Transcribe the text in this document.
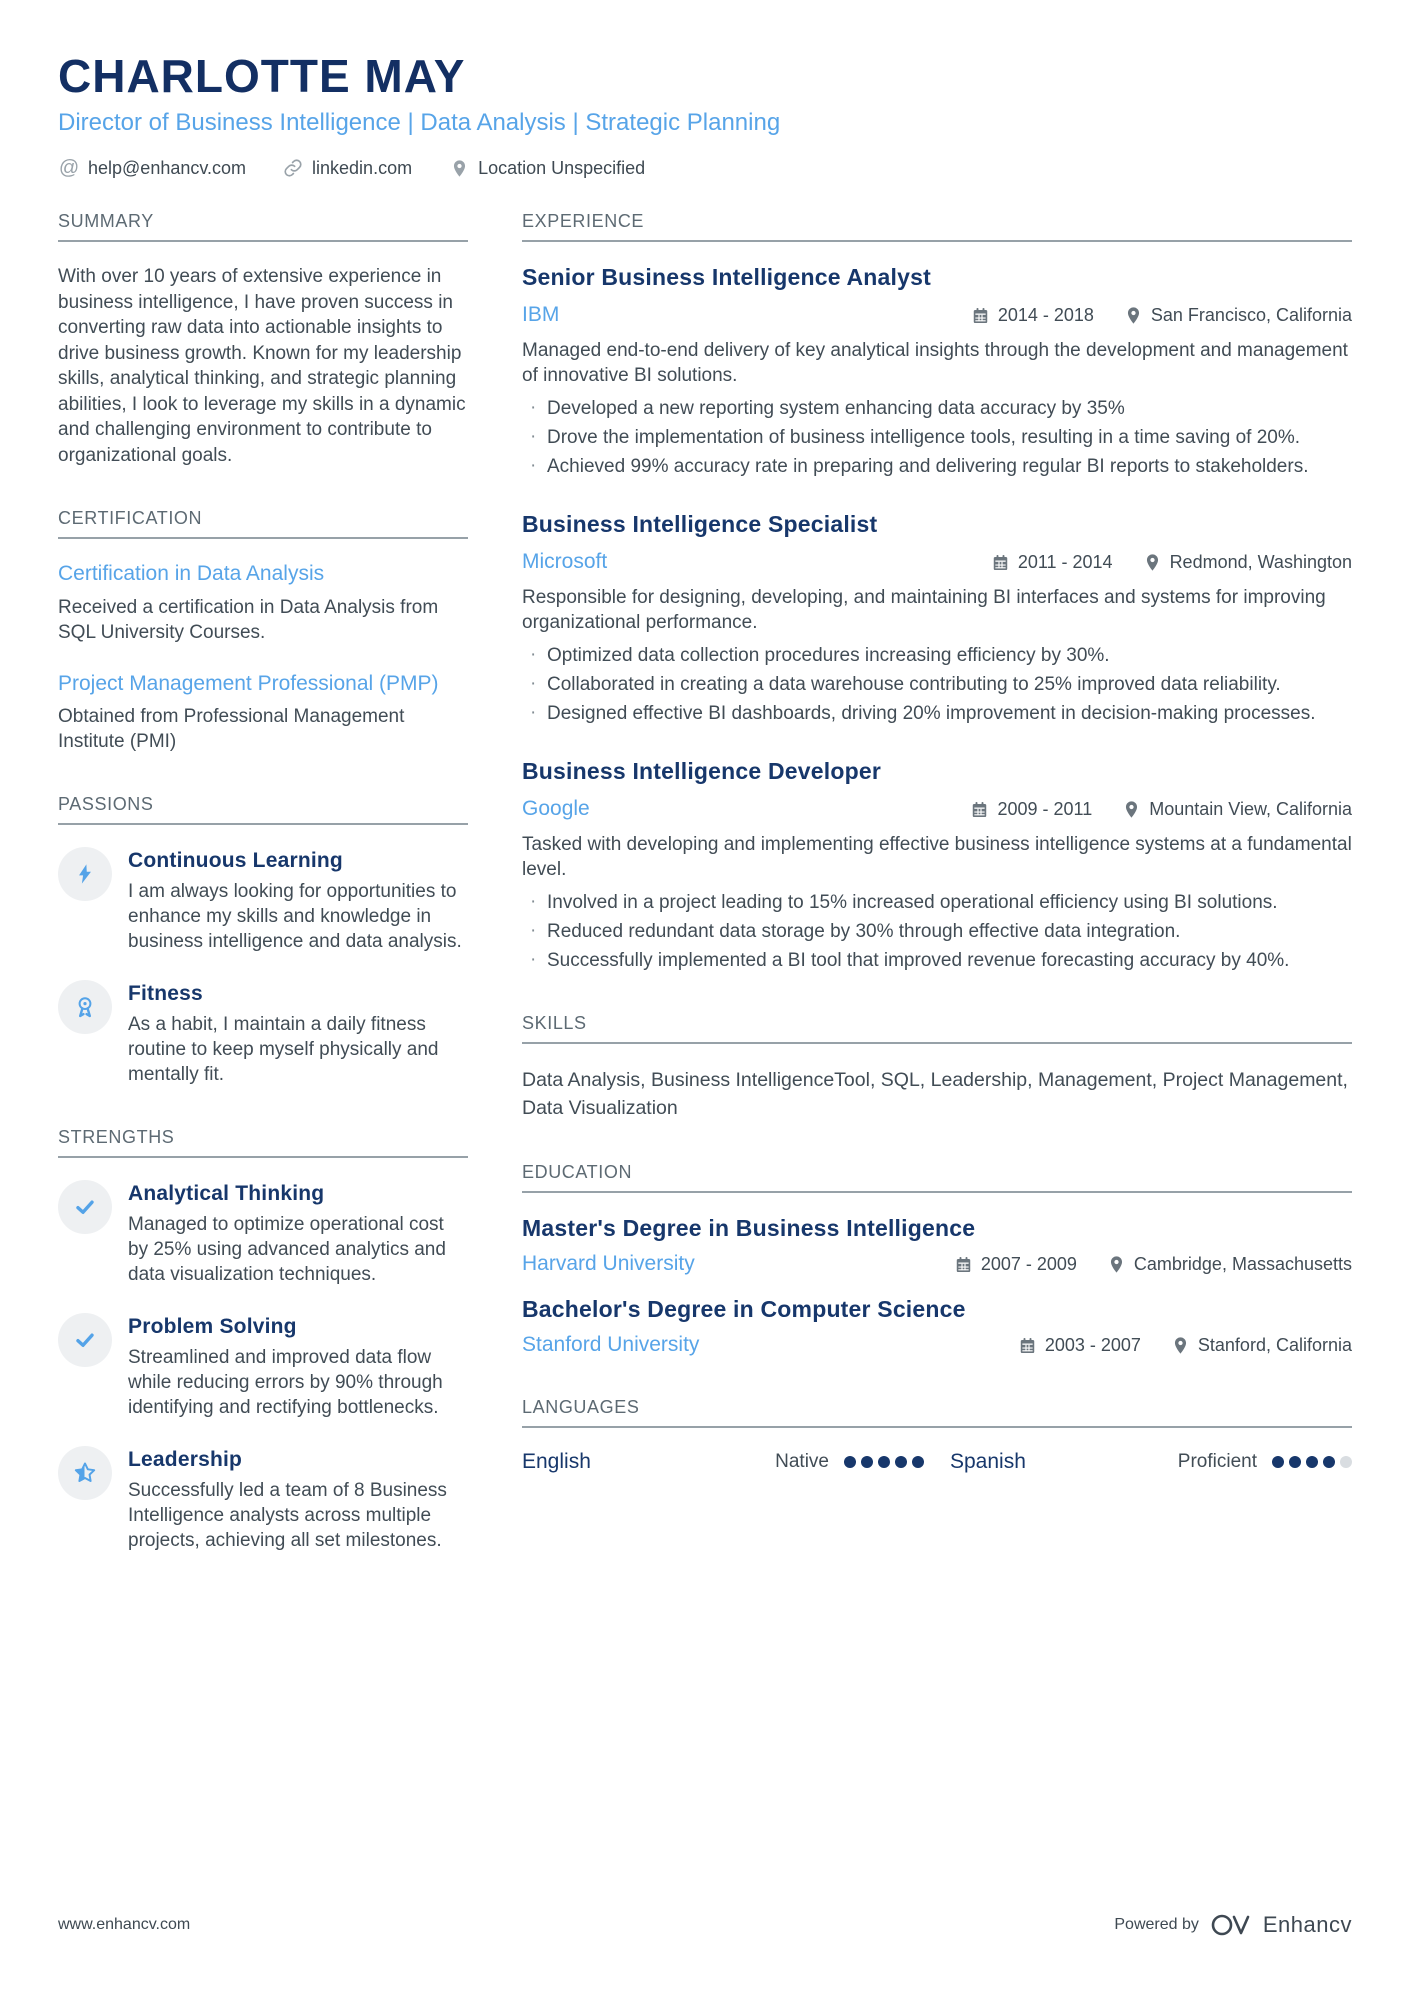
CHARLOTTE MAY
Director of Business Intelligence | Data Analysis | Strategic Planning
@ help@enhancv.com	linkedin.com	Location Unspecified
SUMMARY
With over 10 years of extensive experience in business intelligence, I have proven success in converting raw data into actionable insights to drive business growth. Known for my leadership skills, analytical thinking, and strategic planning abilities, I look to leverage my skills in a dynamic and challenging environment to contribute to organizational goals.
CERTIFICATION
Certification in Data Analysis
Received a certification in Data Analysis from SQL University Courses.
Project Management Professional (PMP)
Obtained from Professional Management Institute (PMI)
PASSIONS
Continuous Learning
I am always looking for opportunities to enhance my skills and knowledge in business intelligence and data analysis.
Fitness
As a habit, I maintain a daily fitness routine to keep myself physically and mentally fit.
STRENGTHS
Analytical Thinking
Managed to optimize operational cost by 25% using advanced analytics and data visualization techniques.
Problem Solving
Streamlined and improved data flow while reducing errors by 90% through identifying and rectifying bottlenecks.
Leadership
Successfully led a team of 8 Business Intelligence analysts across multiple projects, achieving all set milestones.
EXPERIENCE
Senior Business Intelligence Analyst
IBM	2014 - 2018	San Francisco, California
Managed end-to-end delivery of key analytical insights through the development and management of innovative BI solutions.
· Developed a new reporting system enhancing data accuracy by 35%
· Drove the implementation of business intelligence tools, resulting in a time saving of 20%.
· Achieved 99% accuracy rate in preparing and delivering regular BI reports to stakeholders.
Business Intelligence Specialist
Microsoft	2011 - 2014	Redmond, Washington
Responsible for designing, developing, and maintaining BI interfaces and systems for improving organizational performance.
· Optimized data collection procedures increasing efficiency by 30%.
· Collaborated in creating a data warehouse contributing to 25% improved data reliability.
· Designed effective BI dashboards, driving 20% improvement in decision-making processes.
Business Intelligence Developer
Google	2009 - 2011	Mountain View, California
Tasked with developing and implementing effective business intelligence systems at a fundamental level.
· Involved in a project leading to 15% increased operational efficiency using BI solutions.
· Reduced redundant data storage by 30% through effective data integration.
· Successfully implemented a BI tool that improved revenue forecasting accuracy by 40%.
SKILLS
Data Analysis, Business IntelligenceTool, SQL, Leadership, Management, Project Management, Data Visualization
EDUCATION
Master's Degree in Business Intelligence
Harvard University	2007 - 2009	Cambridge, Massachusetts
Bachelor's Degree in Computer Science
Stanford University	2003 - 2007	Stanford, California
LANGUAGES
English	Native	Spanish	Proficient
www.enhancv.com	Powered by	Enhancv
